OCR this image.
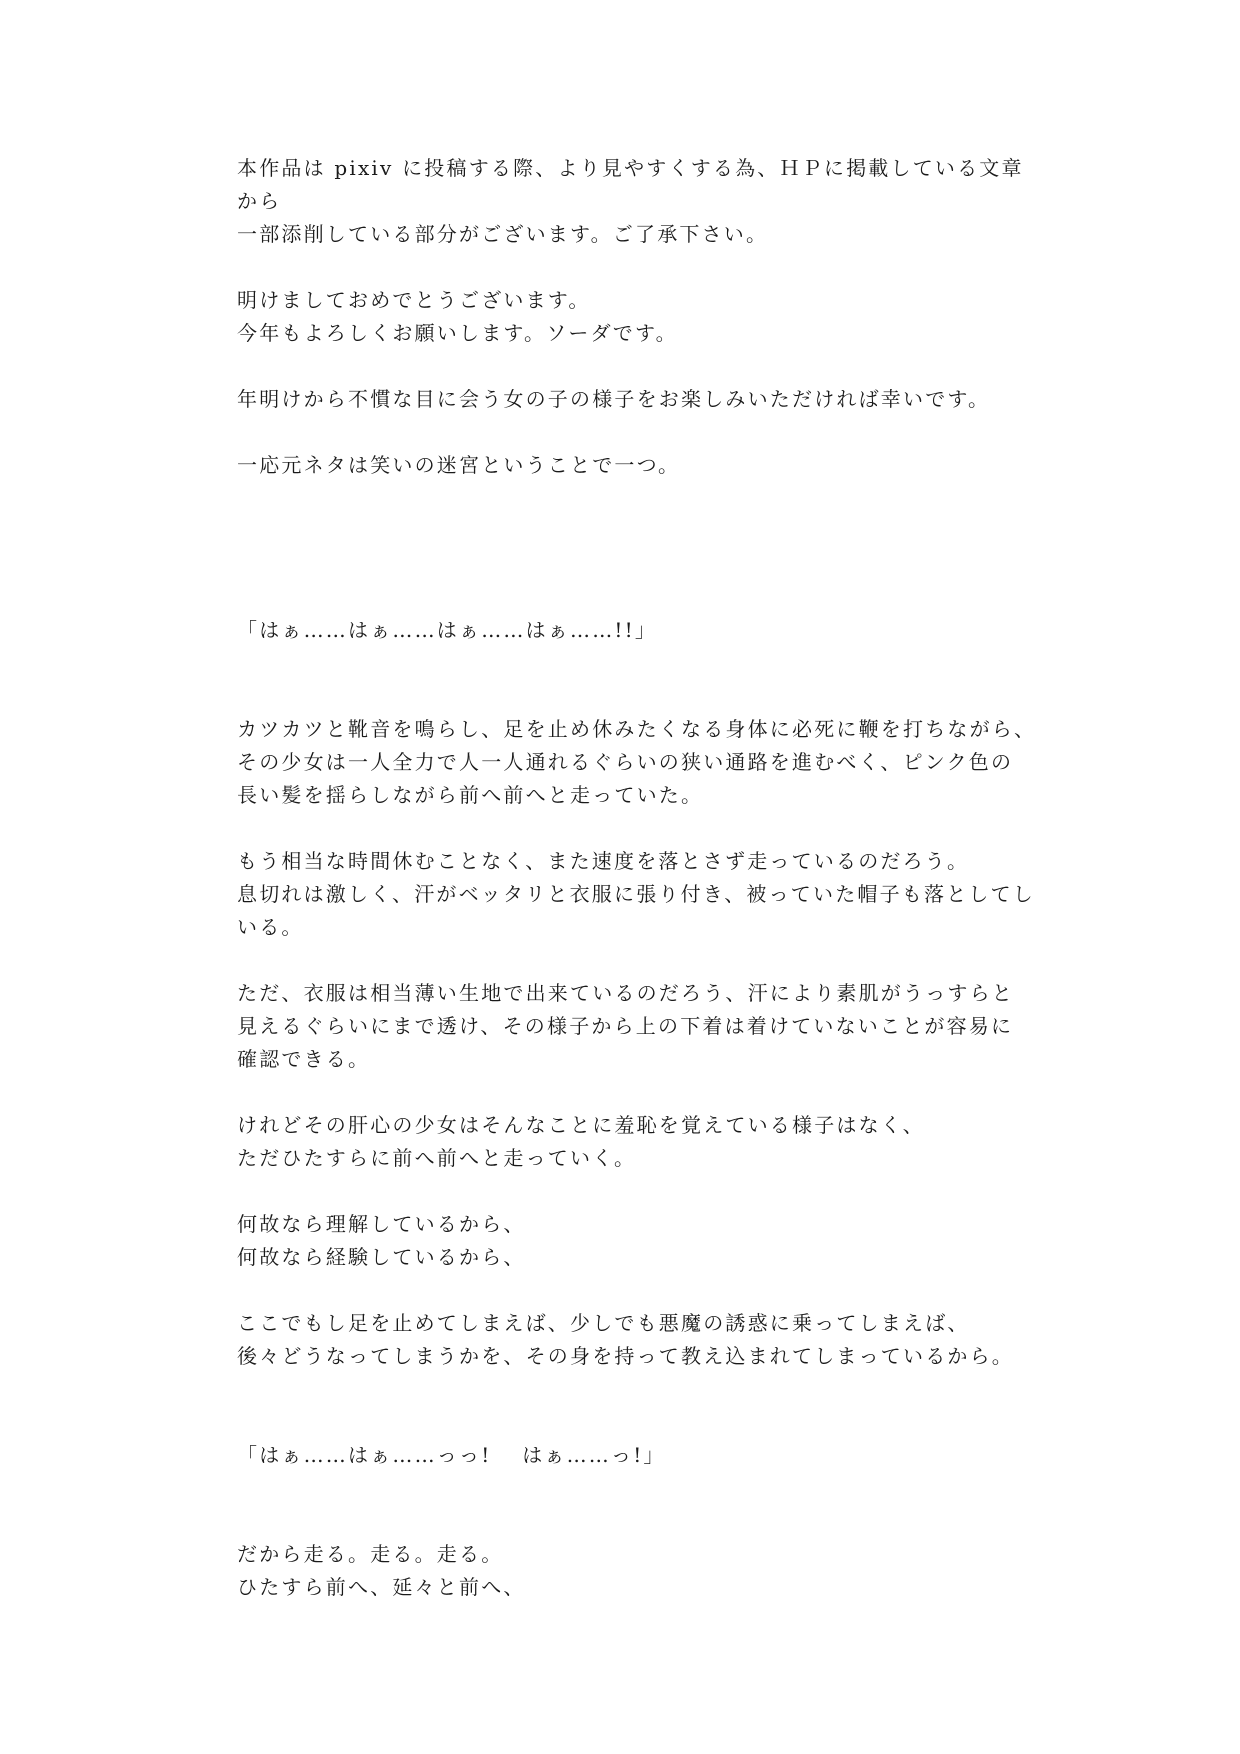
本作品は pixiv に投稿する際、より見やすくする為、ＨＰに掲載している文章
から
一部添削している部分がございます。ご了承下さい。
明けましておめでとうございます。
今年もよろしくお願いします。ソーダです。
年明けから不慣な目に会う女の子の様子をお楽しみいただければ幸いです。
一応元ネタは笑いの迷宮ということで一つ。
「はぁ……はぁ……はぁ……はぁ……!!」
カツカツと靴音を鳴らし、足を止め休みたくなる身体に必死に鞭を打ちながら、
その少女は一人全力で人一人通れるぐらいの狭い通路を進むべく、ピンク色の
長い髪を揺らしながら前へ前へと走っていた。
もう相当な時間休むことなく、また速度を落とさず走っているのだろう。
息切れは激しく、汗がベッタリと衣服に張り付き、被っていた帽子も落としてし
いる。
ただ、衣服は相当薄い生地で出来ているのだろう、汗により素肌がうっすらと
見えるぐらいにまで透け、その様子から上の下着は着けていないことが容易に
確認できる。
けれどその肝心の少女はそんなことに羞恥を覚えている様子はなく、
ただひたすらに前へ前へと走っていく。
何故なら理解しているから、
何故なら経験しているから、
ここでもし足を止めてしまえば、少しでも悪魔の誘惑に乗ってしまえば、
後々どうなってしまうかを、その身を持って教え込まれてしまっているから。
「はぁ……はぁ……っっ!　 はぁ……っ!」
だから走る。走る。走る。
ひたすら前へ、延々と前へ、
